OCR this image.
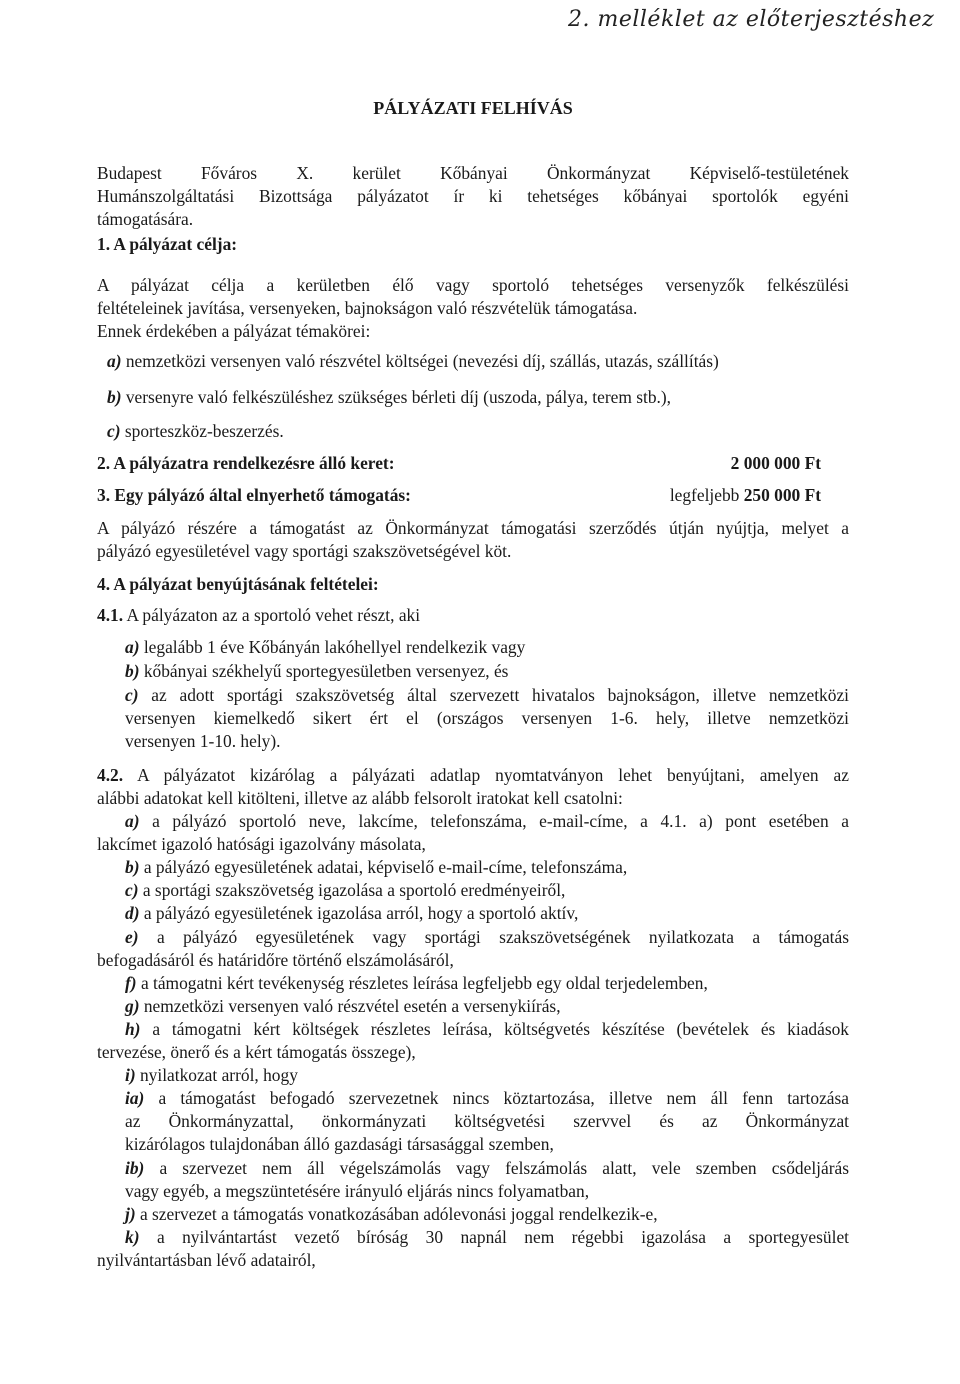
2. melléklet az előterjesztéshez
PÁLYÁZATI FELHÍVÁS
Budapest Főváros X. kerület Kőbányai Önkormányzat Képviselő-testületének
Humánszolgáltatási Bizottsága pályázatot ír ki tehetséges kőbányai sportolók egyéni
támogatására.
1. A pályázat célja:
A pályázat célja a kerületben élő vagy sportoló tehetséges versenyzők felkészülési
feltételeinek javítása, versenyeken, bajnokságon való részvételük támogatása.
Ennek érdekében a pályázat témakörei:
a) nemzetközi versenyen való részvétel költségei (nevezési díj, szállás, utazás, szállítás)
b) versenyre való felkészüléshez szükséges bérleti díj (uszoda, pálya, terem stb.),
c) sporteszköz-beszerzés.
2. A pályázatra rendelkezésre álló keret:	2 000 000 Ft
3. Egy pályázó által elnyerhető támogatás:	legfeljebb 250 000 Ft
A pályázó részére a támogatást az Önkormányzat támogatási szerződés útján nyújtja, melyet a
pályázó egyesületével vagy sportági szakszövetségével köt.
4. A pályázat benyújtásának feltételei:
4.1. A pályázaton az a sportoló vehet részt, aki
a) legalább 1 éve Kőbányán lakóhellyel rendelkezik vagy
b) kőbányai székhelyű sportegyesületben versenyez, és
c) az adott sportági szakszövetség által szervezett hivatalos bajnokságon, illetve nemzetközi
versenyen kiemelkedő sikert ért el (országos versenyen 1-6. hely, illetve nemzetközi
versenyen 1-10. hely).
4.2. A pályázatot kizárólag a pályázati adatlap nyomtatványon lehet benyújtani, amelyen az
alábbi adatokat kell kitölteni, illetve az alább felsorolt iratokat kell csatolni:
a) a pályázó sportoló neve, lakcíme, telefonszáma, e-mail-címe, a 4.1. a) pont esetében a
lakcímet igazoló hatósági igazolvány másolata,
b) a pályázó egyesületének adatai, képviselő e-mail-címe, telefonszáma,
c) a sportági szakszövetség igazolása a sportoló eredményeiről,
d) a pályázó egyesületének igazolása arról, hogy a sportoló aktív,
e) a pályázó egyesületének vagy sportági szakszövetségének nyilatkozata a támogatás
befogadásáról és határidőre történő elszámolásáról,
f) a támogatni kért tevékenység részletes leírása legfeljebb egy oldal terjedelemben,
g) nemzetközi versenyen való részvétel esetén a versenykiírás,
h) a támogatni kért költségek részletes leírása, költségvetés készítése (bevételek és kiadások
tervezése, önerő és a kért támogatás összege),
i) nyilatkozat arról, hogy
ia) a támogatást befogadó szervezetnek nincs köztartozása, illetve nem áll fenn tartozása
az Önkormányzattal, önkormányzati költségvetési szervvel és az Önkormányzat
kizárólagos tulajdonában álló gazdasági társasággal szemben,
ib) a szervezet nem áll végelszámolás vagy felszámolás alatt, vele szemben csődeljárás
vagy egyéb, a megszüntetésére irányuló eljárás nincs folyamatban,
j) a szervezet a támogatás vonatkozásában adólevonási joggal rendelkezik-e,
k) a nyilvántartást vezető bíróság 30 napnál nem régebbi igazolása a sportegyesület
nyilvántartásban lévő adatairól,
